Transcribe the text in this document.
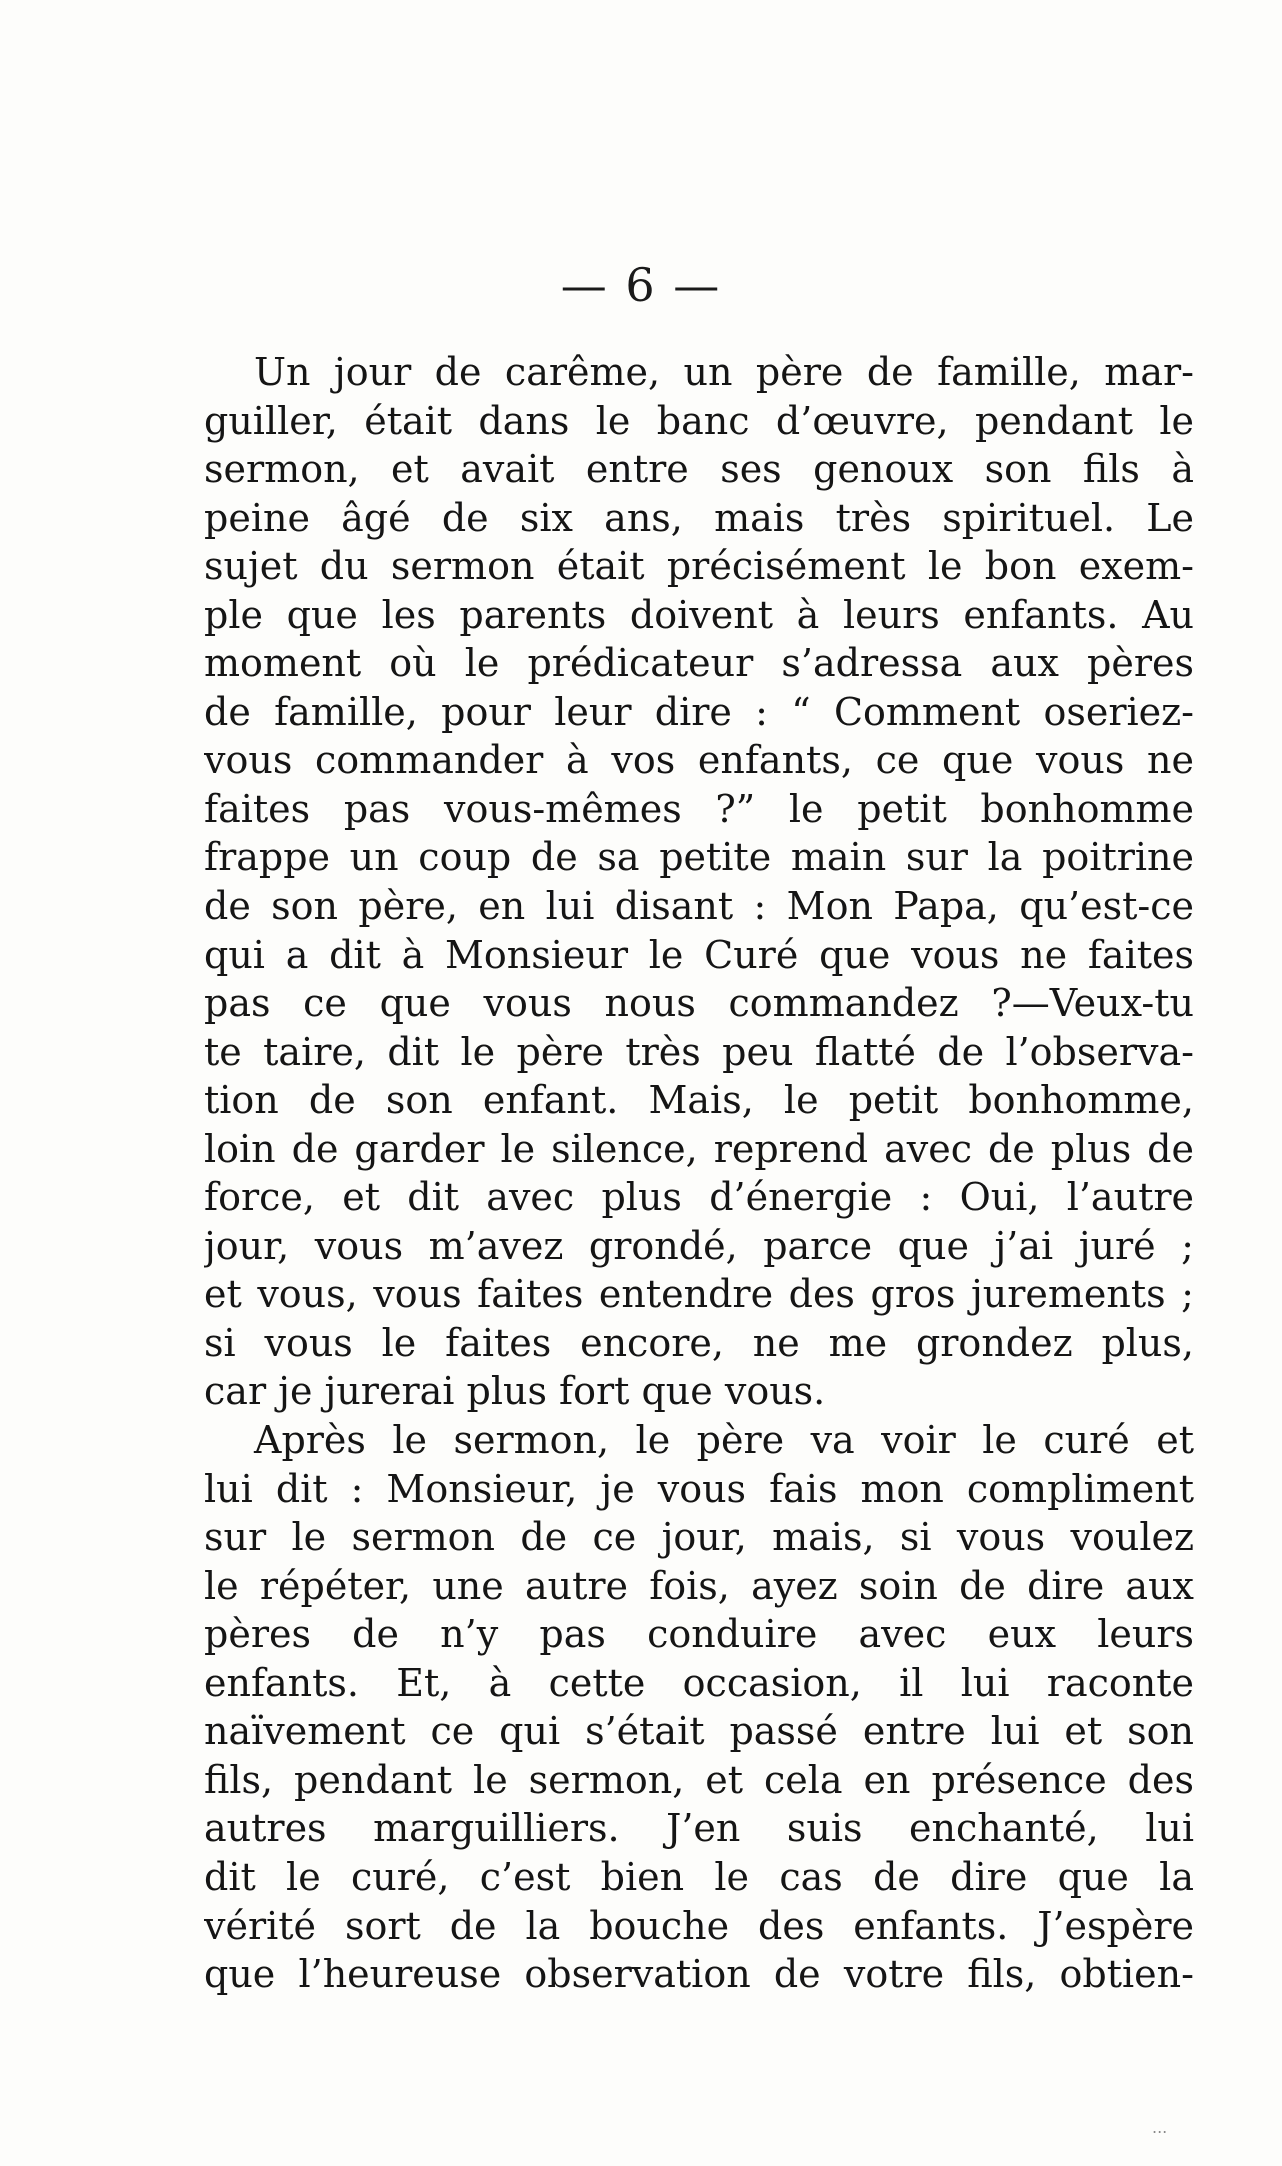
— 6 —
Un jour de carême, un père de famille, mar-
guiller, était dans le banc d’œuvre, pendant le
sermon, et avait entre ses genoux son fils à
peine âgé de six ans, mais très spirituel. Le
sujet du sermon était précisément le bon exem-
ple que les parents doivent à leurs enfants. Au
moment où le prédicateur s’adressa aux pères
de famille, pour leur dire : “ Comment oseriez-
vous commander à vos enfants, ce que vous ne
faites pas vous-mêmes ?” le petit bonhomme
frappe un coup de sa petite main sur la poitrine
de son père, en lui disant : Mon Papa, qu’est-ce
qui a dit à Monsieur le Curé que vous ne faites
pas ce que vous nous commandez ?—Veux-tu
te taire, dit le père très peu flatté de l’observa-
tion de son enfant. Mais, le petit bonhomme,
loin de garder le silence, reprend avec de plus de
force, et dit avec plus d’énergie : Oui, l’autre
jour, vous m’avez grondé, parce que j’ai juré ;
et vous, vous faites entendre des gros jurements ;
si vous le faites encore, ne me grondez plus,
car je jurerai plus fort que vous.
Après le sermon, le père va voir le curé et
lui dit : Monsieur, je vous fais mon compliment
sur le sermon de ce jour, mais, si vous voulez
le répéter, une autre fois, ayez soin de dire aux
pères de n’y pas conduire avec eux leurs
enfants. Et, à cette occasion, il lui raconte
naïvement ce qui s’était passé entre lui et son
fils, pendant le sermon, et cela en présence des
autres marguilliers. J’en suis enchanté, lui
dit le curé, c’est bien le cas de dire que la
vérité sort de la bouche des enfants. J’espère
que l’heureuse observation de votre fils, obtien-
...
